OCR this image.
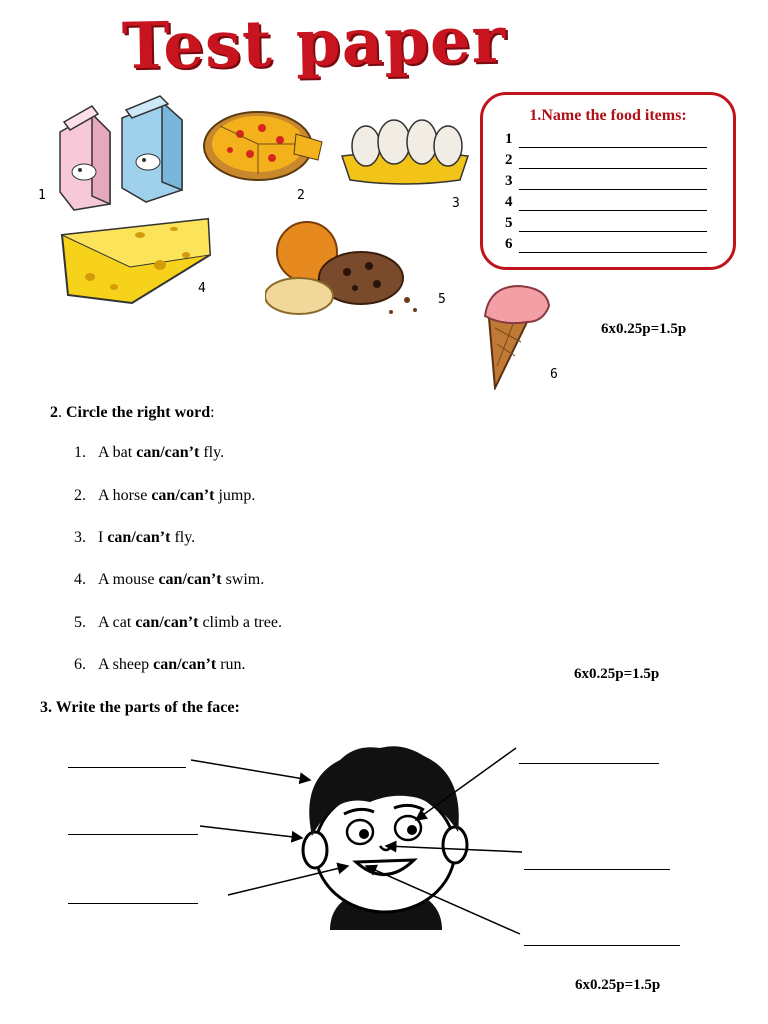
Test paper
1	2
3
4
5
6
1.Name the food items:
1
2
3
4
5
6
6x0.25p=1.5p
2. Circle the right word:
1. A bat can/can’t fly.
2. A horse can/can’t jump.
3. I can/can’t fly.
4. A mouse can/can’t swim.
5. A cat can/can’t climb a tree.
6. A sheep can/can’t run.
6x0.25p=1.5p
3. Write the parts of the face:
6x0.25p=1.5p
